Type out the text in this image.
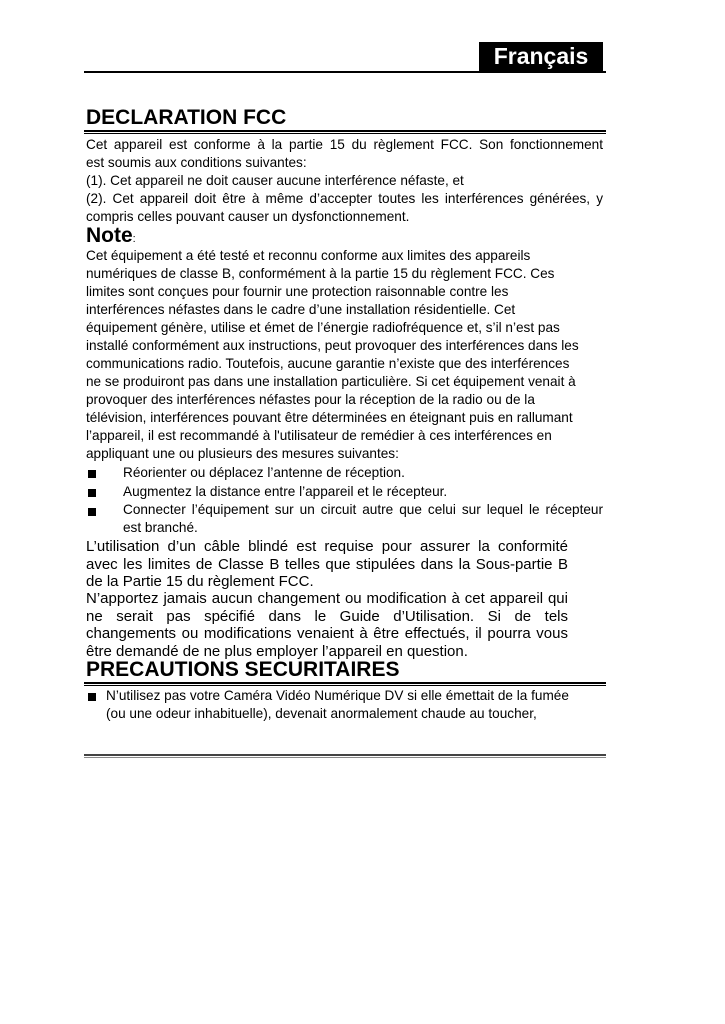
Français
DECLARATION FCC
Cet appareil est conforme à la partie 15 du règlement FCC. Son fonctionnement
est soumis aux conditions suivantes:
(1). Cet appareil ne doit causer aucune interférence néfaste, et
(2). Cet appareil doit être à même d’accepter toutes les interférences générées, y
compris celles pouvant causer un dysfonctionnement.
Note:
Cet équipement a été testé et reconnu conforme aux limites des appareils
numériques de classe B, conformément à la partie 15 du règlement FCC. Ces
limites sont conçues pour fournir une protection raisonnable contre les
interférences néfastes dans le cadre d’une installation résidentielle. Cet
équipement génère, utilise et émet de l’énergie radiofréquence et, s’il n’est pas
installé conformément aux instructions, peut provoquer des interférences dans les
communications radio. Toutefois, aucune garantie n’existe que des interférences
ne se produiront pas dans une installation particulière. Si cet équipement venait à
provoquer des interférences néfastes pour la réception de la radio ou de la
télévision, interférences pouvant être déterminées en éteignant puis en rallumant
l’appareil, il est recommandé à l'utilisateur de remédier à ces interférences en
appliquant une ou plusieurs des mesures suivantes:
Réorienter ou déplacez l’antenne de réception.
Augmentez la distance entre l’appareil et le récepteur.
Connecter l’équipement sur un circuit autre que celui sur lequel le récepteur
est branché.
L’utilisation d’un câble blindé est requise pour assurer la conformité
avec les limites de Classe B telles que stipulées dans la Sous-partie B
de la Partie 15 du règlement FCC.
N’apportez jamais aucun changement ou modification à cet appareil qui
ne serait pas spécifié dans le Guide d’Utilisation. Si de tels
changements ou modifications venaient à être effectués, il pourra vous
être demandé de ne plus employer l’appareil en question.
PRECAUTIONS SECURITAIRES
N’utilisez pas votre Caméra Vidéo Numérique DV si elle émettait de la fumée
(ou une odeur inhabituelle), devenait anormalement chaude au toucher,
